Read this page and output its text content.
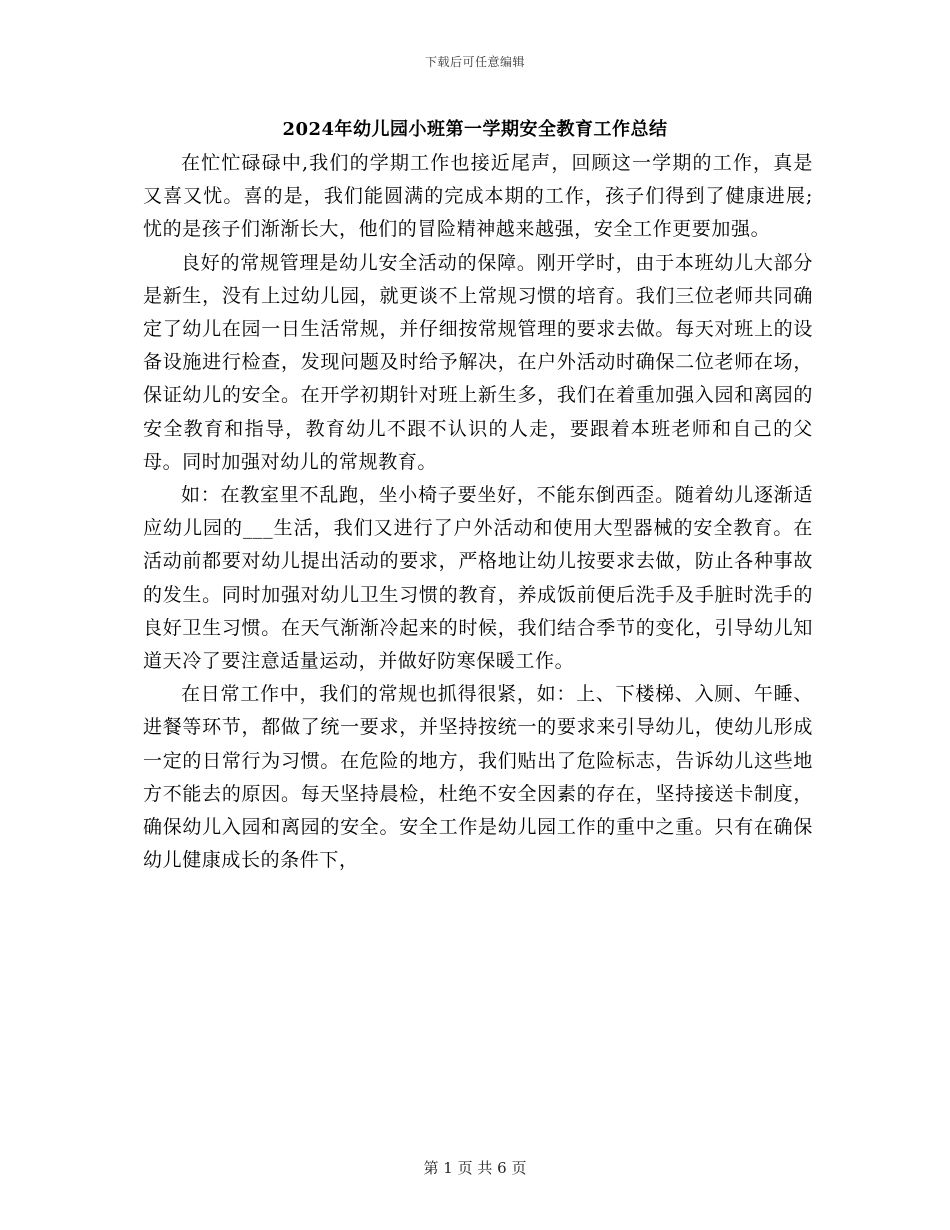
下载后可任意编辑
2024年幼儿园小班第一学期安全教育工作总结

在忙忙碌碌中,我们的学期工作也接近尾声，回顾这一学期的工作，真是又喜又忧。喜的是，我们能圆满的完成本期的工作，孩子们得到了健康进展;忧的是孩子们渐渐长大，他们的冒险精神越来越强，安全工作更要加强。

良好的常规管理是幼儿安全活动的保障。刚开学时，由于本班幼儿大部分是新生，没有上过幼儿园，就更谈不上常规习惯的培育。我们三位老师共同确定了幼儿在园一日生活常规，并仔细按常规管理的要求去做。每天对班上的设备设施进行检查，发现问题及时给予解决，在户外活动时确保二位老师在场，保证幼儿的安全。在开学初期针对班上新生多，我们在着重加强入园和离园的安全教育和指导，教育幼儿不跟不认识的人走，要跟着本班老师和自己的父母。同时加强对幼儿的常规教育。

如：在教室里不乱跑，坐小椅子要坐好，不能东倒西歪。随着幼儿逐渐适应幼儿园的___生活，我们又进行了户外活动和使用大型器械的安全教育。在活动前都要对幼儿提出活动的要求，严格地让幼儿按要求去做，防止各种事故的发生。同时加强对幼儿卫生习惯的教育，养成饭前便后洗手及手脏时洗手的良好卫生习惯。在天气渐渐冷起来的时候，我们结合季节的变化，引导幼儿知道天冷了要注意适量运动，并做好防寒保暖工作。

在日常工作中，我们的常规也抓得很紧，如：上、下楼梯、入厕、午睡、进餐等环节，都做了统一要求，并坚持按统一的要求来引导幼儿，使幼儿形成一定的日常行为习惯。在危险的地方，我们贴出了危险标志，告诉幼儿这些地方不能去的原因。每天坚持晨检，杜绝不安全因素的存在，坚持接送卡制度，确保幼儿入园和离园的安全。安全工作是幼儿园工作的重中之重。只有在确保幼儿健康成长的条件下，

第 1 页 共 6 页
